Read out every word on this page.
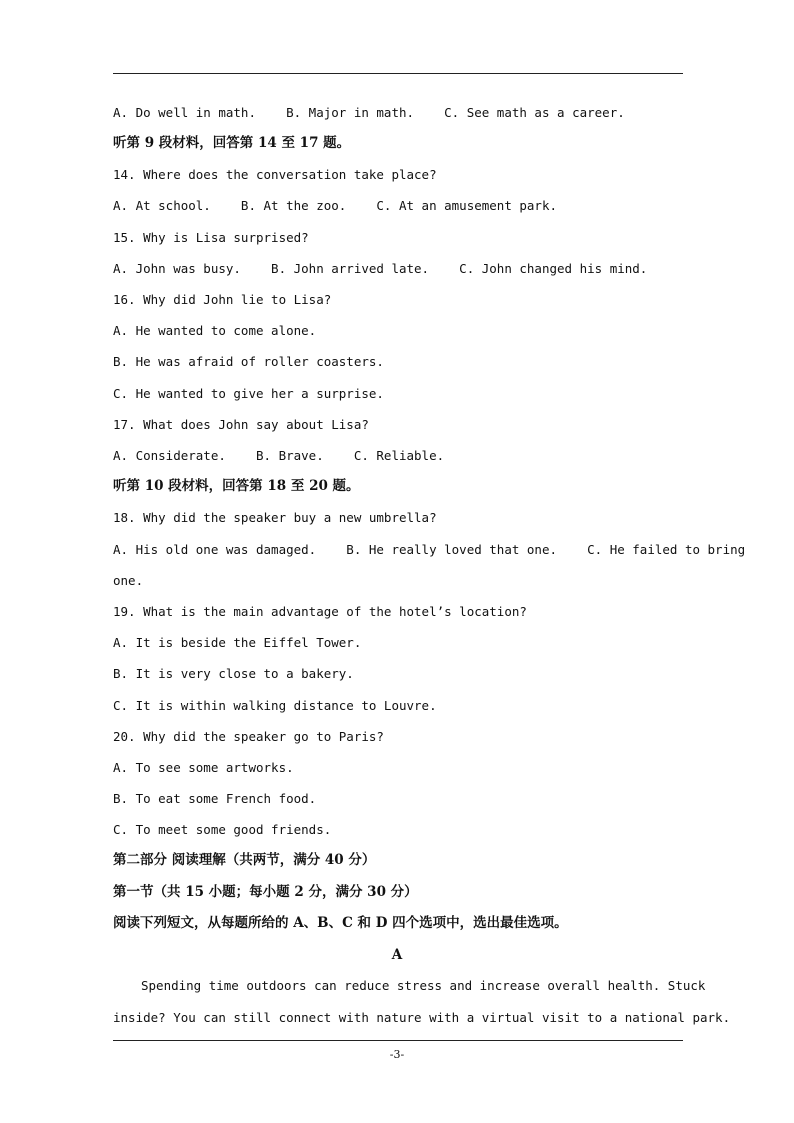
A. Do well in math.    B. Major in math.    C. See math as a career.
听第 9 段材料，回答第 14 至 17 题。
14. Where does the conversation take place?
A. At school.    B. At the zoo.    C. At an amusement park.
15. Why is Lisa surprised?
A. John was busy.    B. John arrived late.    C. John changed his mind.
16. Why did John lie to Lisa?
A. He wanted to come alone.
B. He was afraid of roller coasters.
C. He wanted to give her a surprise.
17. What does John say about Lisa?
A. Considerate.    B. Brave.    C. Reliable.
听第 10 段材料，回答第 18 至 20 题。
18. Why did the speaker buy a new umbrella?
A. His old one was damaged.    B. He really loved that one.    C. He failed to bring
one.
19. What is the main advantage of the hotel’s location?
A. It is beside the Eiffel Tower.
B. It is very close to a bakery.
C. It is within walking distance to Louvre.
20. Why did the speaker go to Paris?
A. To see some artworks.
B. To eat some French food.
C. To meet some good friends.
第二部分 阅读理解（共两节，满分 40 分）
第一节（共 15 小题；每小题 2 分，满分 30 分）
阅读下列短文，从每题所给的 A、B、C 和 D 四个选项中，选出最佳选项。
A
Spending time outdoors can reduce stress and increase overall health. Stuck
inside? You can still connect with nature with a virtual visit to a national park.
-3-
